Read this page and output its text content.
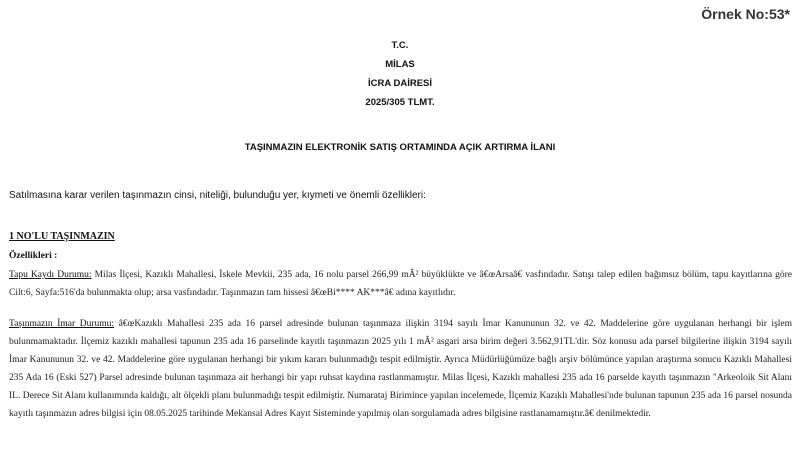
Örnek No:53*
T.C.
MİLAS
İCRA DAİRESİ
2025/305 TLMT.
TAŞINMAZIN ELEKTRONİK SATIŞ ORTAMINDA AÇIK ARTIRMA İLANI
Satılmasına karar verilen taşınmazın cinsi, niteliği, bulunduğu yer, kıymeti ve önemli özellikleri:
1 NO'LU TAŞINMAZIN
Özellikleri :
Tapu Kaydı Durumu: Milas İlçesi, Kazıklı Mahallesi, İskele Mevkii, 235 ada, 16 nolu parsel 266,99 mÂ² büyüklükte ve â€œArsaâ€ vasfındadır. Satışı talep edilen bağımsız bölüm, tapu kayıtlarına göre Cilt:6, Sayfa:516'da bulunmakta olup; arsa vasfındadır. Taşınmazın tam hissesi â€œBi**** AK***â€ adına kayıtlıdır.
Taşınmazın İmar Durumu: â€œKazıklı Mahallesi 235 ada 16 parsel adresinde bulunan taşınmaza ilişkin 3194 sayılı İmar Kanununun 32. ve 42. Maddelerine göre uygulanan herhangi bir işlem bulunmamaktadır. İlçemiz kazıklı mahallesi tapunun 235 ada 16 parselinde kayıtlı taşınmazın 2025 yılı 1 mÂ² asgari arsa birim değeri 3.562,91TL'dir. Söz konusu ada parsel bilgilerine ilişkin 3194 sayılı İmar Kanununun 32. ve 42. Maddelerine göre uygulanan herhangi bir yıkım kararı bulunmadığı tespit edilmiştir. Ayrıca Müdürlüğümüze bağlı arşiv bölümünce yapılan araştırma sonucu Kazıklı Mahallesi 235 Ada 16 (Eski 527) Parsel adresinde bulunan taşınmaza ait herhangi bir yapı ruhsat kaydına rastlanmamıştır. Milas İlçesi, Kazıklı mahallesi 235 ada 16 parselde kayıtlı taşınmazın "Arkeoloik Sit Alanı IL. Derece Sit Alanı kullanımında kaldığı, alt ölçekli planı bulunmadığı tespit edilmiştir. Numarataj Birimince yapılan incelemede, İlçemiz Kazıklı Mahallesi'nde bulunan tapunun 235 ada 16 parsel nosunda kayıtlı taşınmazın adres bilgisi için 08.05.2025 tarihinde Mekansal Adres Kayıt Sisteminde yapılmış olan sorgulamada adres bilgisine rastlanamamıştır.â€ denilmektedir.
